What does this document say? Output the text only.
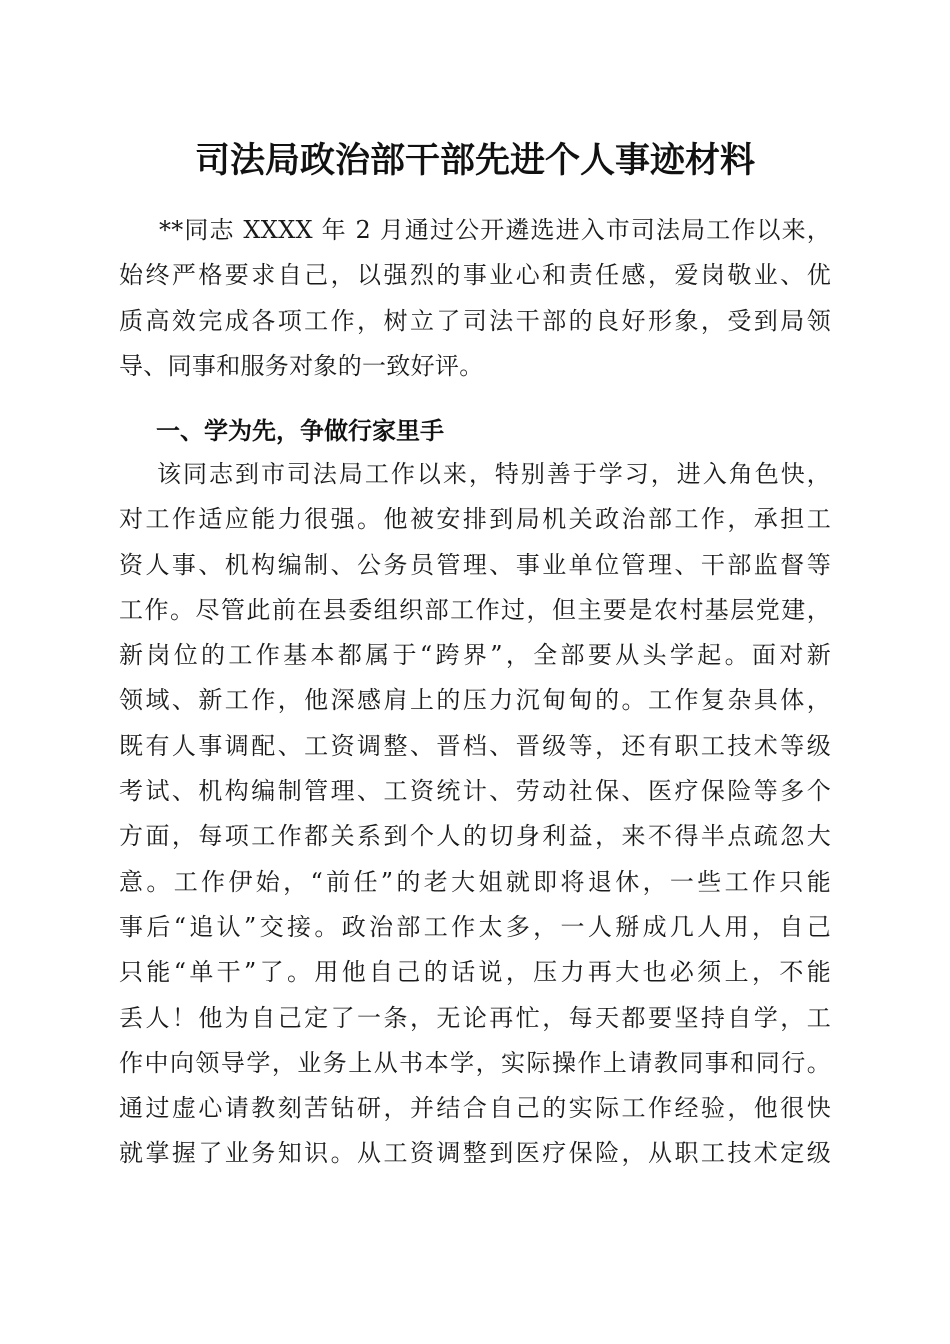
司法局政治部干部先进个人事迹材料
**同志 XXXX 年 2 月通过公开遴选进入市司法局工作以来，
始终严格要求自己，以强烈的事业心和责任感，爱岗敬业、优
质高效完成各项工作，树立了司法干部的良好形象，受到局领
导、同事和服务对象的一致好评。
一、学为先，争做行家里手
该同志到市司法局工作以来，特别善于学习，进入角色快，
对工作适应能力很强。他被安排到局机关政治部工作，承担工
资人事、机构编制、公务员管理、事业单位管理、干部监督等
工作。尽管此前在县委组织部工作过，但主要是农村基层党建，
新岗位的工作基本都属于“跨界”，全部要从头学起。面对新
领域、新工作，他深感肩上的压力沉甸甸的。工作复杂具体，
既有人事调配、工资调整、晋档、晋级等，还有职工技术等级
考试、机构编制管理、工资统计、劳动社保、医疗保险等多个
方面，每项工作都关系到个人的切身利益，来不得半点疏忽大
意。工作伊始，“前任”的老大姐就即将退休，一些工作只能
事后“追认”交接。政治部工作太多，一人掰成几人用，自己
只能“单干”了。用他自己的话说，压力再大也必须上，不能
丢人！他为自己定了一条，无论再忙，每天都要坚持自学，工
作中向领导学，业务上从书本学，实际操作上请教同事和同行。
通过虚心请教刻苦钻研，并结合自己的实际工作经验，他很快
就掌握了业务知识。从工资调整到医疗保险，从职工技术定级
